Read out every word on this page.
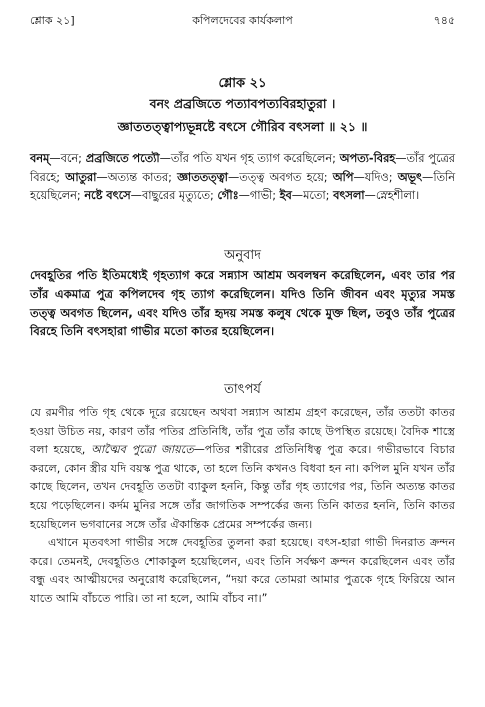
শ্লোক ২১]	কপিলদেবের কার্যকলাপ	৭৪৫
শ্লোক ২১
বনং প্রব্রজিতে পত্যাবপত্যবিরহাতুরা ।
জ্ঞাততত্ত্বাপ্যভূন্নষ্টে বৎসে গৌরিব বৎসলা ॥ ২১ ॥
বনম্—বনে; প্রব্রজিতে পত্যৌ—তাঁর পতি যখন গৃহ ত্যাগ করেছিলেন; অপত্য-বিরহ—তাঁর পুত্রের বিরহে; আতুরা—অত্যন্ত কাতর; জ্ঞাততত্ত্বা—তত্ত্ব অবগত হয়ে; অপি—যদিও; অভূৎ—তিনি হয়েছিলেন; নষ্টে বৎসে—বাছুরের মৃত্যুতে; গৌঃ—গাভী; ইব—মতো; বৎসলা—স্নেহশীলা।
অনুবাদ
দেবহূতির পতি ইতিমধ্যেই গৃহত্যাগ করে সন্ন্যাস আশ্রম অবলম্বন করেছিলেন, এবং তার পর তাঁর একমাত্র পুত্র কপিলদেব গৃহ ত্যাগ করেছিলেন। যদিও তিনি জীবন এবং মৃত্যুর সমস্ত তত্ত্ব অবগত ছিলেন, এবং যদিও তাঁর হৃদয় সমস্ত কলুষ থেকে মুক্ত ছিল, তবুও তাঁর পুত্রের বিরহে তিনি বৎসহারা গাভীর মতো কাতর হয়েছিলেন।
তাৎপর্য

যে রমণীর পতি গৃহ থেকে দূরে রয়েছেন অথবা সন্ন্যাস আশ্রম গ্রহণ করেছেন, তাঁর ততটা কাতর হওয়া উচিত নয়, কারণ তাঁর পতির প্রতিনিধি, তাঁর পুত্র তাঁর কাছে উপস্থিত রয়েছে। বৈদিক শাস্ত্রে বলা হয়েছে, আত্মৈব পুত্রো জায়তে—পতির শরীরের প্রতিনিধিত্ব পুত্র করে। গভীরভাবে বিচার করলে, কোন স্ত্রীর যদি বয়স্ক পুত্র থাকে, তা হলে তিনি কখনও বিধবা হন না। কপিল মুনি যখন তাঁর কাছে ছিলেন, তখন দেবহূতি ততটা ব্যাকুল হননি, কিন্তু তাঁর গৃহ ত্যাগের পর, তিনি অত্যন্ত কাতর হয়ে পড়েছিলেন। কর্দম মুনির সঙ্গে তাঁর জাগতিক সম্পর্কের জন্য তিনি কাতর হননি, তিনি কাতর হয়েছিলেন ভগবানের সঙ্গে তাঁর ঐকান্তিক প্রেমের সম্পর্কের জন্য।

এখানে মৃতবৎসা গাভীর সঙ্গে দেবহূতির তুলনা করা হয়েছে। বৎস-হারা গাভী দিনরাত ক্রন্দন করে। তেমনই, দেবহূতিও শোকাকুল হয়েছিলেন, এবং তিনি সর্বক্ষণ ক্রন্দন করেছিলেন এবং তাঁর বন্ধু এবং আত্মীয়দের অনুরোধ করেছিলেন, “দয়া করে তোমরা আমার পুত্রকে গৃহে ফিরিয়ে আন যাতে আমি বাঁচতে পারি। তা না হলে, আমি বাঁচব না।”
